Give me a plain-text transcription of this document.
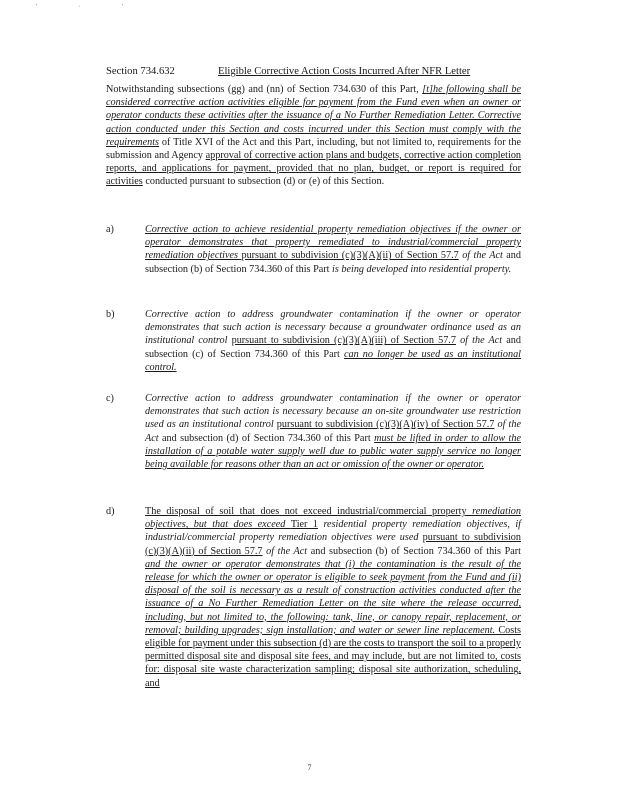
' · '
Section 734.632	Eligible Corrective Action Costs Incurred After NFR Letter
Notwithstanding subsections (gg) and (nn) of Section 734.630 of this Part, [t]he following shall be considered corrective action activities eligible for payment from the Fund even when an owner or operator conducts these activities after the issuance of a No Further Remediation Letter. Corrective action conducted under this Section and costs incurred under this Section must comply with the requirements of Title XVI of the Act and this Part, including, but not limited to, requirements for the submission and Agency approval of corrective action plans and budgets, corrective action completion reports, and applications for payment, provided that no plan, budget, or report is required for activities conducted pursuant to subsection (d) or (e) of this Section.
a)	Corrective action to achieve residential property remediation objectives if the owner or operator demonstrates that property remediated to industrial/commercial property remediation objectives pursuant to subdivision (c)(3)(A)(ii) of Section 57.7 of the Act and subsection (b) of Section 734.360 of this Part is being developed into residential property.
b)	Corrective action to address groundwater contamination if the owner or operator demonstrates that such action is necessary because a groundwater ordinance used as an institutional control pursuant to subdivision (c)(3)(A)(iii) of Section 57.7 of the Act and subsection (c) of Section 734.360 of this Part can no longer be used as an institutional control.
c)	Corrective action to address groundwater contamination if the owner or operator demonstrates that such action is necessary because an on-site groundwater use restriction used as an institutional control pursuant to subdivision (c)(3)(A)(iv) of Section 57.7 of the Act and subsection (d) of Section 734.360 of this Part must be lifted in order to allow the installation of a potable water supply well due to public water supply service no longer being available for reasons other than an act or omission of the owner or operator.
d)	The disposal of soil that does not exceed industrial/commercial property remediation objectives, but that does exceed Tier 1 residential property remediation objectives, if industrial/commercial property remediation objectives were used pursuant to subdivision (c)(3)(A)(ii) of Section 57.7 of the Act and subsection (b) of Section 734.360 of this Part and the owner or operator demonstrates that (i) the contamination is the result of the release for which the owner or operator is eligible to seek payment from the Fund and (ii) disposal of the soil is necessary as a result of construction activities conducted after the issuance of a No Further Remediation Letter on the site where the release occurred, including, but not limited to, the following: tank, line, or canopy repair, replacement, or removal; building upgrades; sign installation; and water or sewer line replacement. Costs eligible for payment under this subsection (d) are the costs to transport the soil to a properly permitted disposal site and disposal site fees, and may include, but are not limited to, costs for: disposal site waste characterization sampling; disposal site authorization, scheduling, and
7
